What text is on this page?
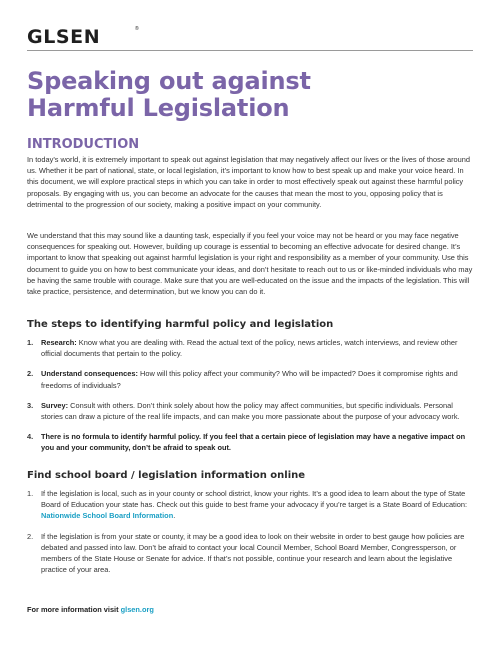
GLSEN	®
Speaking out against
Harmful Legislation
INTRODUCTION

In today’s world, it is extremely important to speak out against legislation that may negatively affect our lives or the lives of those around us. Whether it be part of national, state, or local legislation, it’s important to know how to best speak up and make your voice heard. In this document, we will explore practical steps in which you can take in order to most effectively speak out against these harmful policy proposals. By engaging with us, you can become an advocate for the causes that mean the most to you, opposing policy that is detrimental to the progression of our society, making a positive impact on your community.

We understand that this may sound like a daunting task, especially if you feel your voice may not be heard or you may face negative consequences for speaking out. However, building up courage is essential to becoming an effective advocate for desired change. It’s important to know that speaking out against harmful legislation is your right and responsibility as a member of your community. Use this document to guide you on how to best communicate your ideas, and don’t hesitate to reach out to us or like-minded individuals who may be having the same trouble with courage. Make sure that you are well-educated on the issue and the impacts of the legislation. This will take practice, persistence, and determination, but we know you can do it.

The steps to identifying harmful policy and legislation
1. Research: Know what you are dealing with. Read the actual text of the policy, news articles, watch interviews, and review other official documents that pertain to the policy.
2. Understand consequences: How will this policy affect your community? Who will be impacted? Does it compromise rights and freedoms of individuals?
3. Survey: Consult with others. Don’t think solely about how the policy may affect communities, but specific individuals. Personal stories can draw a picture of the real life impacts, and can make you more passionate about the purpose of your advocacy work.
4. There is no formula to identify harmful policy. If you feel that a certain piece of legislation may have a negative impact on you and your community, don’t be afraid to speak out.
Find school board / legislation information online
1. If the legislation is local, such as in your county or school district, know your rights. It’s a good idea to learn about the type of State Board of Education your state has. Check out this guide to best frame your advocacy if you’re target is a State Board of Education: Nationwide School Board Information.
2. If the legislation is from your state or county, it may be a good idea to look on their website in order to best gauge how policies are debated and passed into law. Don’t be afraid to contact your local Council Member, School Board Member, Congressperson, or members of the State House or Senate for advice. If that’s not possible, continue your research and learn about the legislative practice of your area.
For more information visit glsen.org
